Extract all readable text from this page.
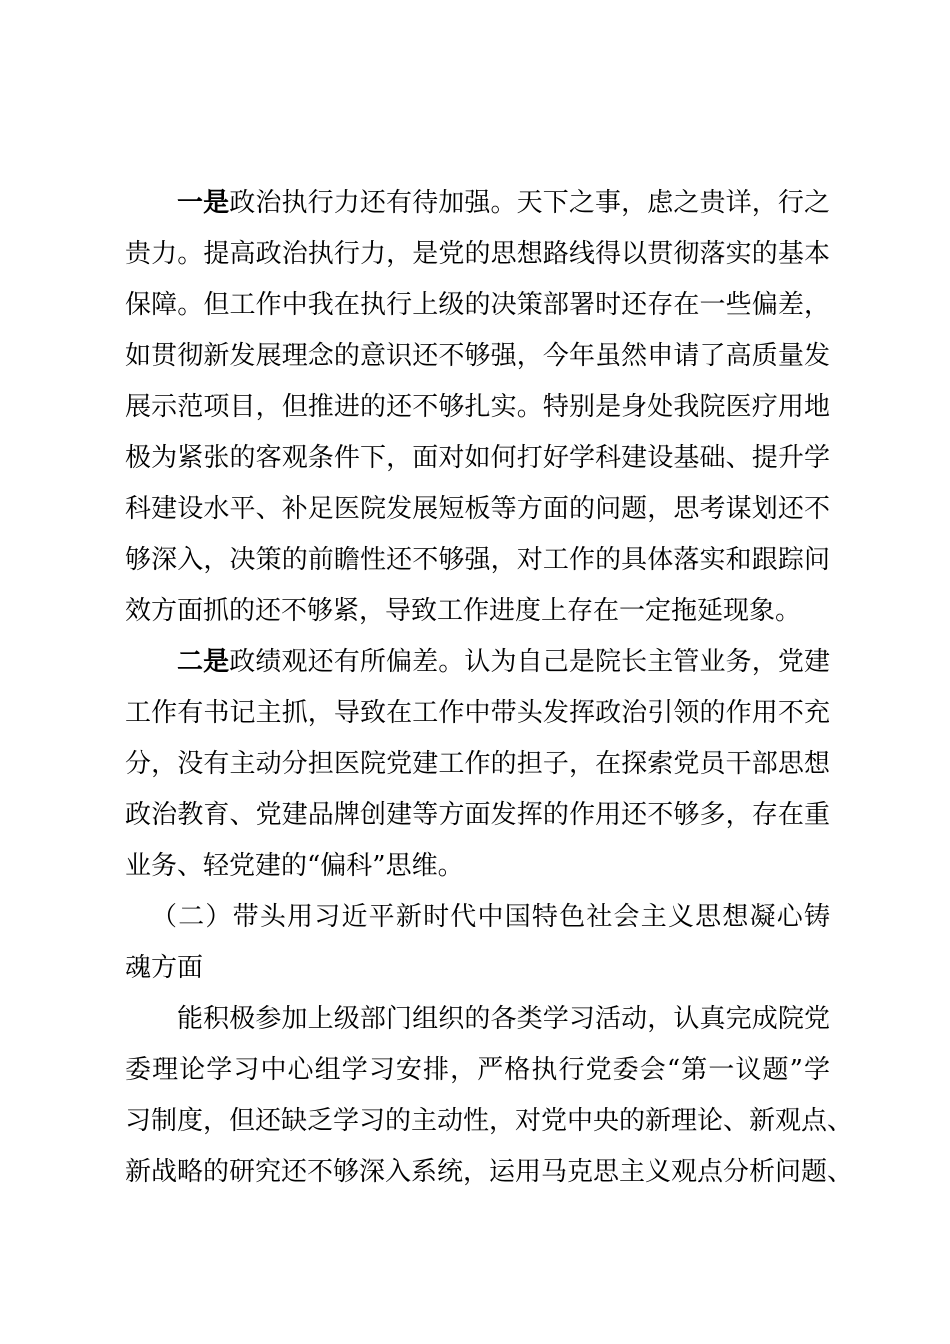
一是政治执行力还有待加强。天下之事，虑之贵详，行之
贵力。提高政治执行力，是党的思想路线得以贯彻落实的基本
保障。但工作中我在执行上级的决策部署时还存在一些偏差，
如贯彻新发展理念的意识还不够强，今年虽然申请了高质量发
展示范项目，但推进的还不够扎实。特别是身处我院医疗用地
极为紧张的客观条件下，面对如何打好学科建设基础、提升学
科建设水平、补足医院发展短板等方面的问题，思考谋划还不
够深入，决策的前瞻性还不够强，对工作的具体落实和跟踪问
效方面抓的还不够紧，导致工作进度上存在一定拖延现象。
二是政绩观还有所偏差。认为自己是院长主管业务，党建
工作有书记主抓，导致在工作中带头发挥政治引领的作用不充
分，没有主动分担医院党建工作的担子，在探索党员干部思想
政治教育、党建品牌创建等方面发挥的作用还不够多，存在重
业务、轻党建的“偏科”思维。
（二）带头用习近平新时代中国特色社会主义思想凝心铸
魂方面
能积极参加上级部门组织的各类学习活动，认真完成院党
委理论学习中心组学习安排，严格执行党委会“第一议题”学
习制度，但还缺乏学习的主动性，对党中央的新理论、新观点、
新战略的研究还不够深入系统，运用马克思主义观点分析问题、
